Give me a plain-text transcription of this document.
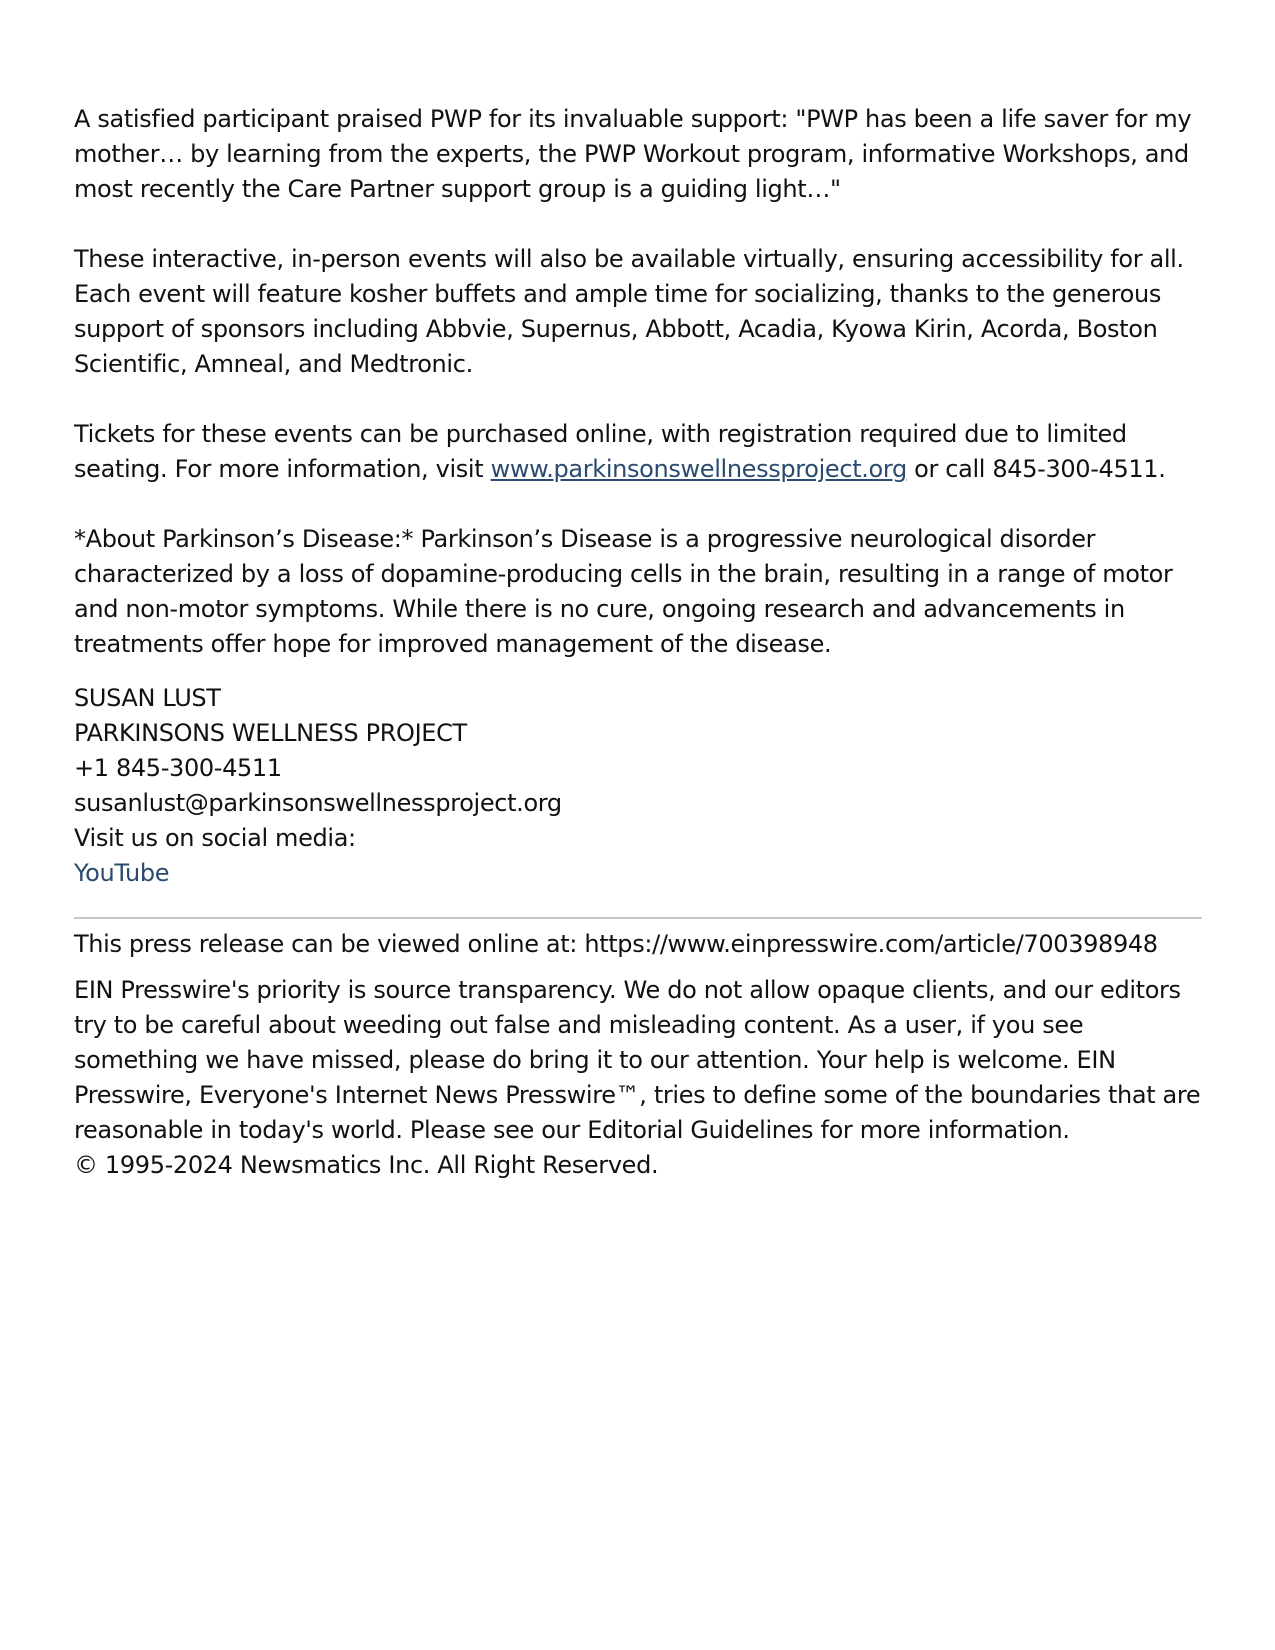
A satisfied participant praised PWP for its invaluable support: "PWP has been a life saver for my mother… by learning from the experts, the PWP Workout program, informative Workshops, and most recently the Care Partner support group is a guiding light…"

These interactive, in-person events will also be available virtually, ensuring accessibility for all. Each event will feature kosher buffets and ample time for socializing, thanks to the generous support of sponsors including Abbvie, Supernus, Abbott, Acadia, Kyowa Kirin, Acorda, Boston Scientific, Amneal, and Medtronic.

Tickets for these events can be purchased online, with registration required due to limited seating. For more information, visit www.parkinsonswellnessproject.org or call 845-300-4511.

*About Parkinson’s Disease:* Parkinson’s Disease is a progressive neurological disorder characterized by a loss of dopamine-producing cells in the brain, resulting in a range of motor and non-motor symptoms. While there is no cure, ongoing research and advancements in treatments offer hope for improved management of the disease.

SUSAN LUST
PARKINSONS WELLNESS PROJECT
+1 845-300-4511
susanlust@parkinsonswellnessproject.org
Visit us on social media:
YouTube
This press release can be viewed online at: https://www.einpresswire.com/article/700398948
EIN Presswire's priority is source transparency. We do not allow opaque clients, and our editors try to be careful about weeding out false and misleading content. As a user, if you see something we have missed, please do bring it to our attention. Your help is welcome. EIN Presswire, Everyone's Internet News Presswire™, tries to define some of the boundaries that are reasonable in today's world. Please see our Editorial Guidelines for more information.
© 1995-2024 Newsmatics Inc. All Right Reserved.
